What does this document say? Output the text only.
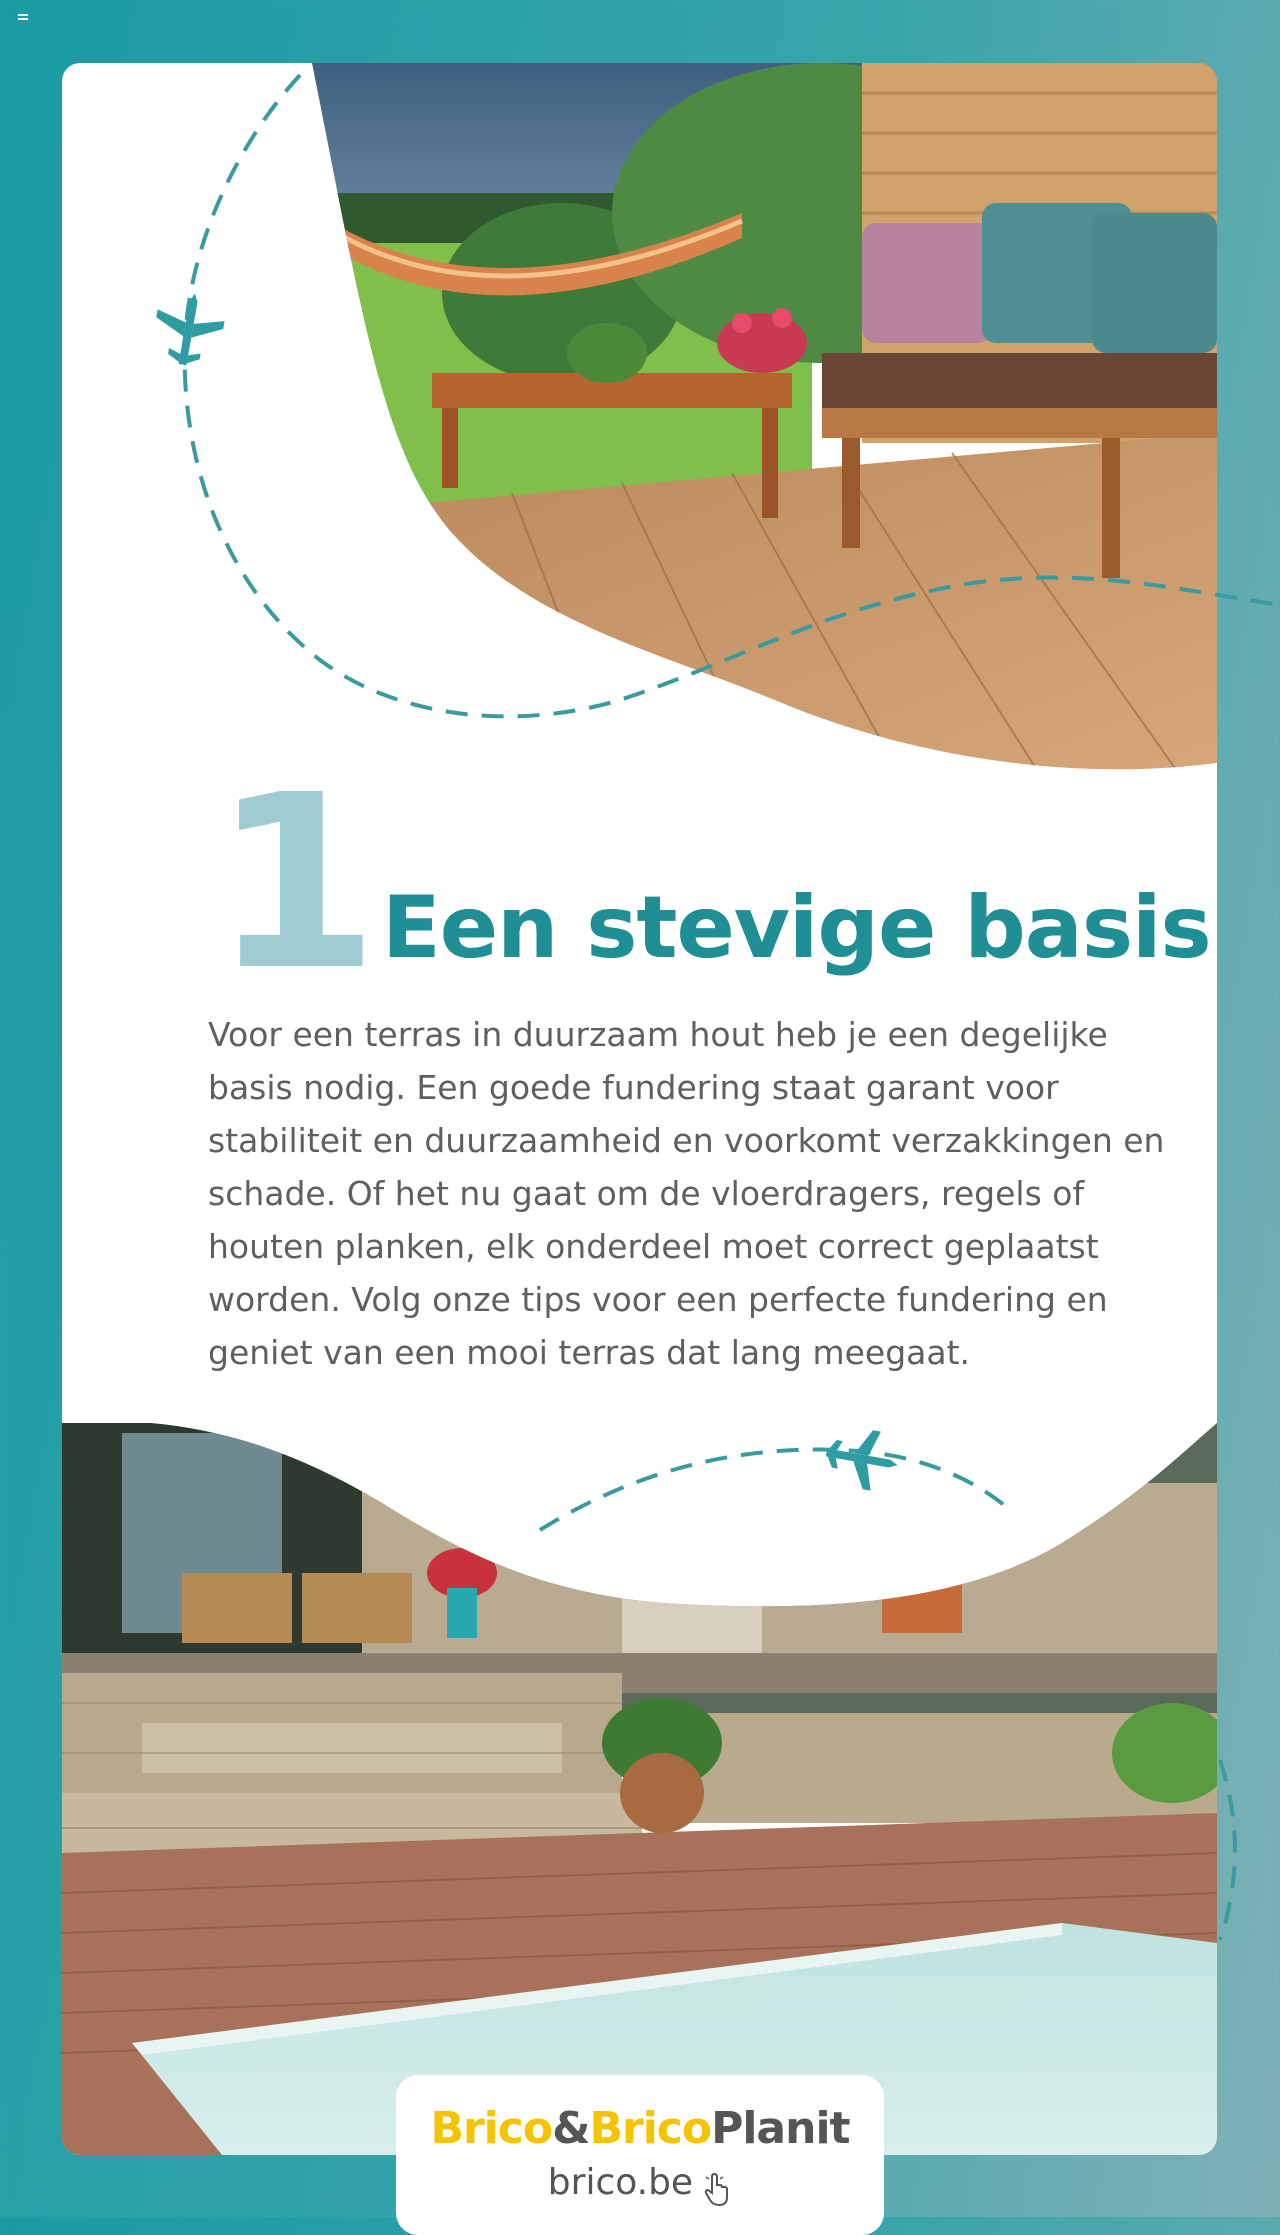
1 Een stevige basis

Voor een terras in duurzaam hout heb je een degelijke basis nodig. Een goede fundering staat garant voor stabiliteit en duurzaamheid en voorkomt verzakkingen en schade. Of het nu gaat om de vloerdragers, regels of houten planken, elk onderdeel moet correct geplaatst worden. Volg onze tips voor een perfecte fundering en geniet van een mooi terras dat lang meegaat.

Brico&BricoPlanit
brico.be
